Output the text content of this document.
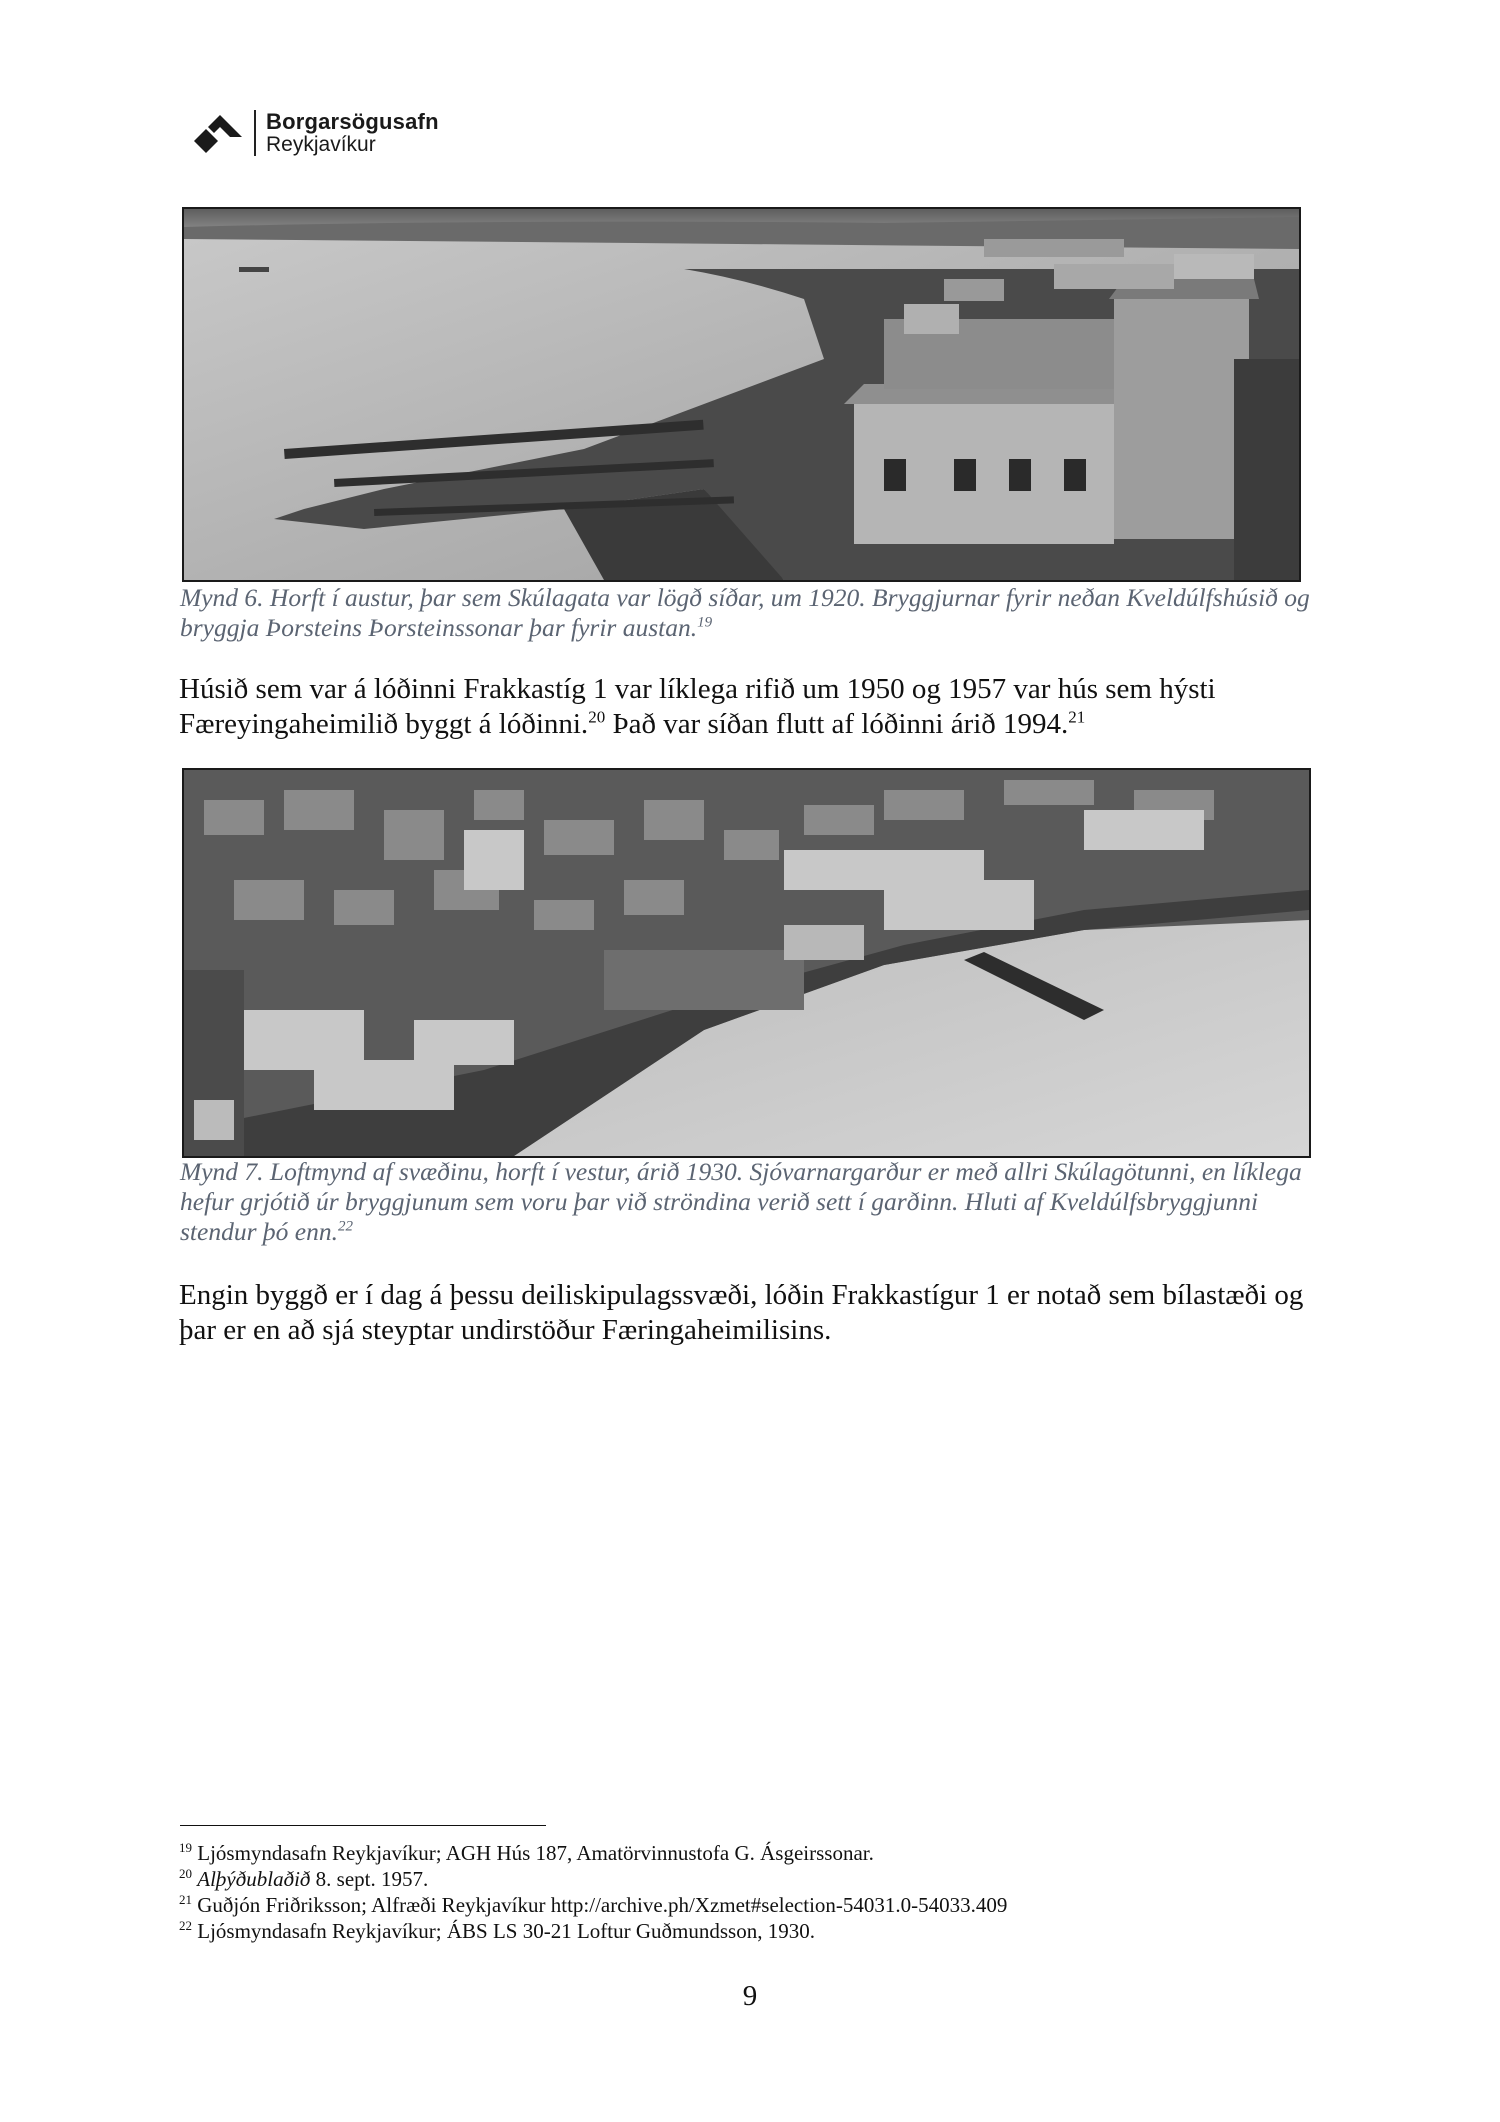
Borgarsögusafn
Reykjavíkur

Mynd 6. Horft í austur, þar sem Skúlagata var lögð síðar, um 1920. Bryggjurnar fyrir neðan Kveldúlfshúsið og bryggja Þorsteins Þorsteinssonar þar fyrir austan.$^{19}$

Húsið sem var á lóðinni Frakkastíg 1 var líklega rifið um 1950 og 1957 var hús sem hýsti Færeyingaheimilið byggt á lóðinni.$^{20}$ Það var síðan flutt af lóðinni árið 1994.21

Mynd 7. Loftmynd af svæðinu, horft í vestur, árið 1930. Sjóvarnargarður er með allri Skúlagötunni, en líklega hefur grjótið úr bryggjunum sem voru þar við ströndina verið sett í garðinn. Hluti af Kveldúlfsbryggjunni stendur þó enn.$^{22}$

Engin byggð er í dag á þessu deiliskipulagssvæði, lóðin Frakkastígur 1 er notað sem bílastæði og þar er en að sjá steyptar undirstöður Færingaheimilisins.

$^{19}$ Ljósmyndasafn Reykjavíkur; AGH Hús 187, Amatörvinnustofa G. Ásgeirssonar.

$^{20}$ Alþýðublaðið 8. sept. 1957.

$^{21}$ Guðjón Friðriksson; Alfræði Reykjavíkur http://archive.ph/Xzmet#selection-54031.0-54033.409

$^{22}$ Ljósmyndasafn Reykjavíkur; ÁBS LS 30-21 Loftur Guðmundsson, 1930.

9
